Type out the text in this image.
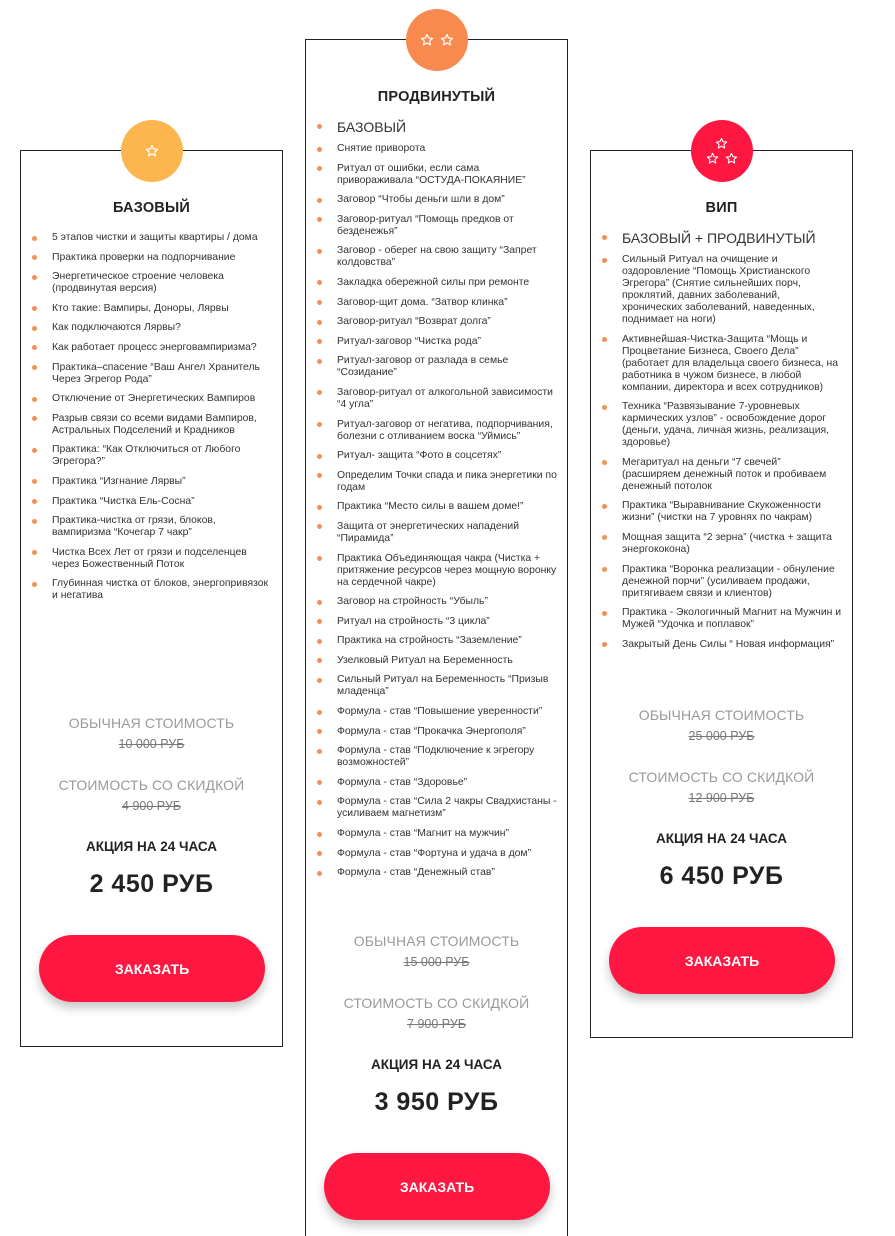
БАЗОВЫЙ
5 этапов чистки и защиты квартиры / дома
Практика проверки на подпорчивание
Энергетическое строение человека (продвинутая версия)
Кто такие: Вампиры, Доноры, Лярвы
Как подключаются Лярвы?
Как работает процесс энерговампиризма?
Практика–спасение “Ваш Ангел Хранитель Через Эгрегор Рода”
Отключение от Энергетических Вампиров
Разрыв связи со всеми видами Вампиров, Астральных Подселений и Крадников
Практика: “Как Отключиться от Любого Эгрегора?”
Практика “Изгнание Лярвы”
Практика “Чистка Ель-Сосна”
Практика-чистка от грязи, блоков, вампиризма “Кочегар 7 чакр”
Чистка Всех Лет от грязи и подселенцев через Божественный Поток
Глубинная чистка от блоков, энергопривязок и негатива
ОБЫЧНАЯ СТОИМОСТЬ
10 000 РУБ
СТОИМОСТЬ СО СКИДКОЙ
4 900 РУБ
АКЦИЯ НА 24 ЧАСА
2 450 РУБ
ЗАКАЗАТЬ
ПРОДВИНУТЫЙ
БАЗОВЫЙ
Снятие приворота
Ритуал от ошибки, если сама привораживала “ОСТУДА-ПОКАЯНИЕ”
Заговор “Чтобы деньги шли в дом”
Заговор-ритуал “Помощь предков от безденежья”
Заговор - оберег на свою защиту “Запрет колдовства”
Закладка обережной силы при ремонте
Заговор-щит дома. “Затвор клинка”
Заговор-ритуал “Возврат долга”
Ритуал-заговор “Чистка рода”
Ритуал-заговор от разлада в семье “Созидание”
Заговор-ритуал от алкогольной зависимости “4 угла”
Ритуал-заговор от негатива, подпорчивания, болезни с отливанием воска “Уймись”
Ритуал- защита “Фото в соцсетях”
Определим Точки спада и пика энергетики по годам
Практика “Место силы в вашем доме!”
Защита от энергетических нападений “Пирамида”
Практика Объединяющая чакра (Чистка + притяжение ресурсов через мощную воронку на сердечной чакре)
Заговор на стройность “Убыль”
Ритуал на стройность “3 цикла”
Практика на стройность “Заземление”
Узелковый Ритуал на Беременность
Сильный Ритуал на Беременность “Призыв младенца”
Формула - став “Повышение уверенности”
Формула - став “Прокачка Энергополя”
Формула - став “Подключение к эгрегору возможностей”
Формула - став “Здоровье”
Формула - став “Сила 2 чакры Свадхистаны - усиливаем магнетизм”
Формула - став “Магнит на мужчин”
Формула - став “Фортуна и удача в дом”
Формула - став “Денежный став”
ОБЫЧНАЯ СТОИМОСТЬ
15 000 РУБ
СТОИМОСТЬ СО СКИДКОЙ
7 900 РУБ
АКЦИЯ НА 24 ЧАСА
3 950 РУБ
ЗАКАЗАТЬ
ВИП
БАЗОВЫЙ + ПРОДВИНУТЫЙ
Сильный Ритуал на очищение и оздоровление “Помощь Христианского Эгрегора” (Снятие сильнейших порч, проклятий, давних заболеваний, хронических заболеваний, наведенных, поднимает на ноги)
Активнейшая-Чистка-Защита “Мощь и Процветание Бизнеса, Своего Дела” (работает для владельца своего бизнеса, на работника в чужом бизнесе, в любой компании, директора и всех сотрудников)
Техника “Развязывание 7-уровневых кармических узлов” - освобождение дорог (деньги, удача, личная жизнь, реализация, здоровье)
Мегаритуал на деньги “7 свечей” (расширяем денежный поток и пробиваем денежный потолок
Практика “Выравнивание Скукоженности жизни” (чистки на 7 уровнях по чакрам)
Мощная защита “2 зерна” (чистка + защита энергококона)
Практика “Воронка реализации - обнуление денежной порчи” (усиливаем продажи, притягиваем связи и клиентов)
Практика - Экологичный Магнит на Мужчин и Мужей “Удочка и поплавок”
Закрытый День Силы “ Новая информация”
ОБЫЧНАЯ СТОИМОСТЬ
25 000 РУБ
СТОИМОСТЬ СО СКИДКОЙ
12 900 РУБ
АКЦИЯ НА 24 ЧАСА
6 450 РУБ
ЗАКАЗАТЬ
